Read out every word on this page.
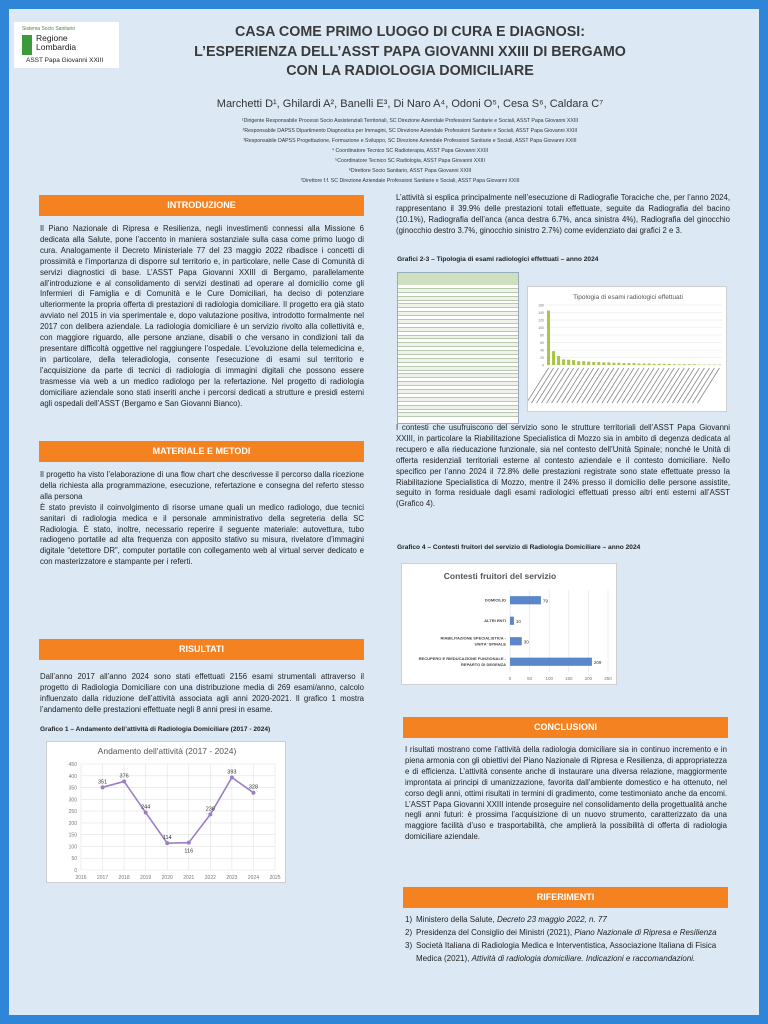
Sistema Socio Sanitario
Regione
Lombardia
ASST Papa Giovanni XXIII
CASA COME PRIMO LUOGO DI CURA E DIAGNOSI:
L’ESPERIENZA DELL’ASST PAPA GIOVANNI XXIII DI BERGAMO
CON LA RADIOLOGIA DOMICILIARE
Marchetti D¹, Ghilardi A², Banelli E³, Di Naro A⁴, Odoni O⁵, Cesa S⁶, Caldara C⁷
¹Dirigente Responsabile Processi Socio Assistenziali Territoriali, SC Direzione Aziendale Professioni Sanitarie e Sociali, ASST Papa Giovanni XXIII
²Responsabile DAPSS Dipartimento Diagnostica per Immagini, SC Direzione Aziendale Professioni Sanitarie e Sociali, ASST Papa Giovanni XXIII
³Responsabile DAPSS Progettazione, Formazione e Sviluppo, SC Direzione Aziendale Professioni Sanitarie e Sociali, ASST Papa Giovanni XXIII
⁴ Coordinatore Tecnico SC Radioterapia, ASST Papa Giovanni XXIII
⁵Coordinatore Tecnico SC Radiologia, ASST Papa Giovanni XXIII
⁶Direttore Socio Sanitario, ASST Papa Giovanni XXIII
⁷Direttore f.f. SC Direzione Aziendale Professioni Sanitarie e Sociali, ASST Papa Giovanni XXIII
INTRODUZIONE
Il Piano Nazionale di Ripresa e Resilienza, negli investimenti connessi alla Missione 6 dedicata alla Salute, pone l’accento in maniera sostanziale sulla casa come primo luogo di cura. Analogamente il Decreto Ministeriale 77 del 23 maggio 2022 ribadisce i concetti di prossimità e l’importanza di disporre sul territorio e, in particolare, nelle Case di Comunità di servizi diagnostici di base. L’ASST Papa Giovanni XXIII di Bergamo, parallelamente all’introduzione e al consolidamento di servizi destinati ad operare al domicilio come gli Infermieri di Famiglia e di Comunità e le Cure Domiciliari, ha deciso di potenziare ulteriormente la propria offerta di prestazioni di radiologia domiciliare. Il progetto era già stato avviato nel 2015 in via sperimentale e, dopo valutazione positiva, introdotto formalmente nel 2017 con delibera aziendale. La radiologia domiciliare è un servizio rivolto alla collettività e, con maggiore riguardo, alle persone anziane, disabili o che versano in condizioni tali da presentare difficoltà oggettive nel raggiungere l’ospedale. L’evoluzione della telemedicina e, in particolare, della teleradiologia, consente l’esecuzione di esami sul territorio e l’acquisizione da parte di tecnici di radiologia di immagini digitali che possono essere trasmesse via web a un medico radiologo per la refertazione. Nel progetto di radiologia domiciliare aziendale sono stati inseriti anche i percorsi dedicati a strutture e presidi esterni agli ospedali dell’ASST (Bergamo e San Giovanni Bianco).
MATERIALE E METODI
Il progetto ha visto l’elaborazione di una flow chart che descrivesse il percorso dalla ricezione della richiesta alla programmazione, esecuzione, refertazione e consegna del referto stesso alla persona
È stato previsto il coinvolgimento di risorse umane quali un medico radiologo, due tecnici sanitari di radiologia medica e il personale amministrativo della segreteria della SC Radiologia. È stato, inoltre, necessario reperire il seguente materiale: autovettura, tubo radiogeno portatile ad alta frequenza con apposito stativo su misura, rivelatore d’immagini digitale “detettore DR”, computer portatile con collegamento web al virtual server dedicato e con masterizzatore e stampante per i referti.
RISULTATI
Dall’anno 2017 all’anno 2024 sono stati effettuati 2156 esami strumentali attraverso il progetto di Radiologia Domiciliare con una distribuzione media di 269 esami/anno, calcolo influenzato dalla riduzione dell’attività associata agli anni 2020-2021. Il grafico 1 mostra l’andamento delle prestazioni effettuate negli 8 anni presi in esame.
Grafico 1 – Andamento dell’attività di Radiologia Domiciliare (2017 - 2024)
Andamento dell'attività (2017 - 2024)
0
50
100
150
200
250
300
350
400
450
2016 2017 2018 2019 2020 2021 2022 2023 2024 2025
351
376
244
114
116
236
393
328
L’attività si esplica principalmente nell’esecuzione di Radiografie Toraciche che, per l’anno 2024, rappresentano il 39.9% delle prestazioni totali effettuate, seguite da Radiografia del bacino (10.1%), Radiografia dell’anca (anca destra 6.7%, anca sinistra 4%), Radiografia del ginocchio (ginocchio destro 3.7%, ginocchio sinistro 2.7%) come evidenziato dai grafici 2 e 3.
Grafici 2-3 – Tipologia di esami radiologici effettuati – anno 2024
Tipologia di esami radiologici effettuati
0
20
40
60
80
100
120
140
160
I contesti che usufruiscono del servizio sono le strutture territoriali dell’ASST Papa Giovanni XXIII, in particolare la Riabilitazione Specialistica di Mozzo sia in ambito di degenza dedicata al recupero e alla rieducazione funzionale, sia nel contesto dell’Unità Spinale; nonché le Unità di offerta residenziali territoriali esterne al contesto aziendale e il contesto domiciliare. Nello specifico per l’anno 2024 il 72.8% delle prestazioni registrate sono state effettuate presso la Riabilitazione Specialistica di Mozzo, mentre il 24% presso il domicilio delle persone assistite, seguito in forma residuale dagli esami radiologici effettuati presso altri enti esterni all’ASST (Grafico 4).
Grafico 4 – Contesti fruitori del servizio di Radiologia Domiciliare – anno 2024
Contesti fruitori del servizio
0	50	100	150	200	250
209
RECUPERO E RIEDUCAZIONE FUNZIONALE -
REPARTO DI DEGENZA
30
RIABILITAZIONE SPECIALISTICA -
UNITA' SPINALE
10
ALTRI ENTI
79
DOMICILIO
CONCLUSIONI
I risultati mostrano come l’attività della radiologia domiciliare sia in continuo incremento e in piena armonia con gli obiettivi del Piano Nazionale di Ripresa e Resilienza, di appropriatezza e di efficienza. L’attività consente anche di instaurare una diversa relazione, maggiormente improntata ai principi di umanizzazione, favorita dall’ambiente domestico e ha ottenuto, nel corso degli anni, ottimi risultati in termini di gradimento, come testimoniato anche da encomi. L’ASST Papa Giovanni XXIII intende proseguire nel consolidamento della progettualità anche negli anni futuri: è prossima l’acquisizione di un nuovo strumento, caratterizzato da una maggiore facilità d’uso e trasportabilità, che amplierà la possibilità di offerta di radiologia domiciliare aziendale.
RIFERIMENTI
1) Ministero della Salute, Decreto 23 maggio 2022, n. 77
2) Presidenza del Consiglio dei Ministri (2021), Piano Nazionale di Ripresa e Resilienza
3) Società Italiana di Radiologia Medica e Interventistica, Associazione Italiana di Fisica Medica (2021), Attività di radiologia domiciliare. Indicazioni e raccomandazioni.
